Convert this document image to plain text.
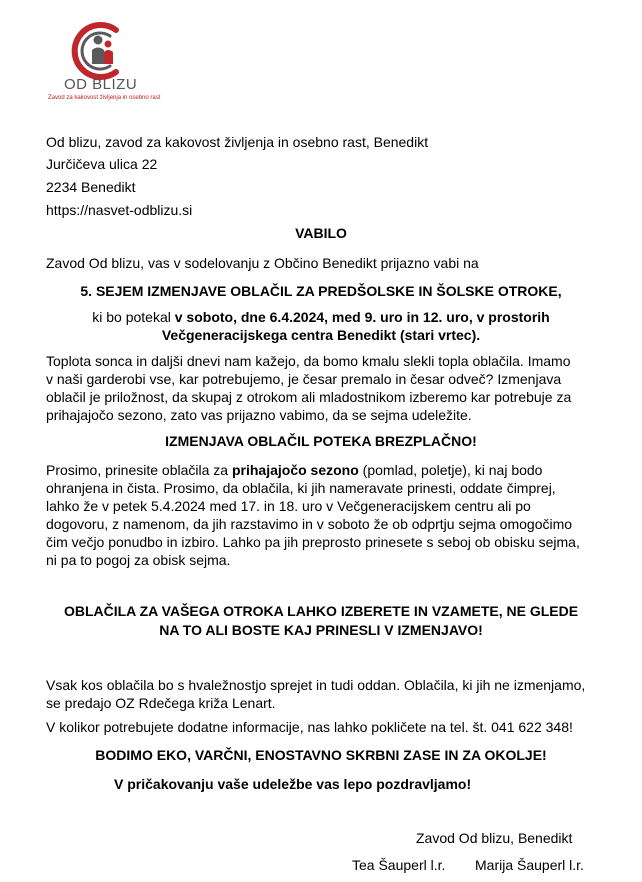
OD BLIZU
Zavod za kakovost življenja in osebno rast
Od blizu, zavod za kakovost življenja in osebno rast, Benedikt
Jurčičeva ulica 22
2234 Benedikt
https://nasvet-odblizu.si
VABILO
Zavod Od blizu, vas v sodelovanju z Občino Benedikt prijazno vabi na
5. SEJEM IZMENJAVE OBLAČIL ZA PREDŠOLSKE IN ŠOLSKE OTROKE,
ki bo potekal v soboto, dne 6.4.2024, med 9. uro in 12. uro, v prostorih
Večgeneracijskega centra Benedikt (stari vrtec).
Toplota sonca in daljši dnevi nam kažejo, da bomo kmalu slekli topla oblačila. Imamo
v naši garderobi vse, kar potrebujemo, je česar premalo in česar odveč? Izmenjava
oblačil je priložnost, da skupaj z otrokom ali mladostnikom izberemo kar potrebuje za
prihajajočo sezono, zato vas prijazno vabimo, da se sejma udeležite.
IZMENJAVA OBLAČIL POTEKA BREZPLAČNO!
Prosimo, prinesite oblačila za prihajajočo sezono (pomlad, poletje), ki naj bodo
ohranjena in čista. Prosimo, da oblačila, ki jih nameravate prinesti, oddate čimprej,
lahko že v petek 5.4.2024 med 17. in 18. uro v Večgeneracijskem centru ali po
dogovoru, z namenom, da jih razstavimo in v soboto že ob odprtju sejma omogočimo
čim večjo ponudbo in izbiro. Lahko pa jih preprosto prinesete s seboj ob obisku sejma,
ni pa to pogoj za obisk sejma.
OBLAČILA ZA VAŠEGA OTROKA LAHKO IZBERETE IN VZAMETE, NE GLEDE
NA TO ALI BOSTE KAJ PRINESLI V IZMENJAVO!
Vsak kos oblačila bo s hvaležnostjo sprejet in tudi oddan. Oblačila, ki jih ne izmenjamo,
se predajo OZ Rdečega križa Lenart.
V kolikor potrebujete dodatne informacije, nas lahko pokličete na tel. št. 041 622 348!
BODIMO EKO, VARČNI, ENOSTAVNO SKRBNI ZASE IN ZA OKOLJE!
V pričakovanju vaše udeležbe vas lepo pozdravljamo!
Zavod Od blizu, Benedikt
Tea Šauperl l.r. Marija Šauperl l.r.
